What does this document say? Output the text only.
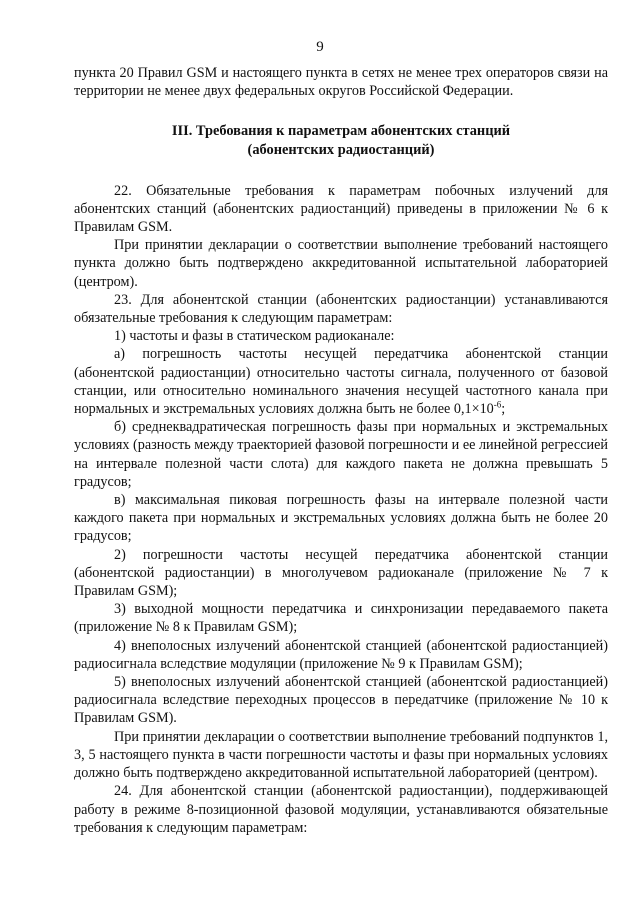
9

пункта 20 Правил GSM и настоящего пункта в сетях не менее трех операторов связи на территории не менее двух федеральных округов Российской Федерации.

III. Требования к параметрам абонентских станций
(абонентских радиостанций)

22. Обязательные требования к параметрам побочных излучений для абонентских станций (абонентских радиостанций) приведены в приложении № 6 к Правилам GSM.

При принятии декларации о соответствии выполнение требований настоящего пункта должно быть подтверждено аккредитованной испытательной лабораторией (центром).

23. Для абонентской станции (абонентских радиостанции) устанавливаются обязательные требования к следующим параметрам:

1) частоты и фазы в статическом радиоканале:

а) погрешность частоты несущей передатчика абонентской станции (абонентской радиостанции) относительно частоты сигнала, полученного от базовой станции, или относительно номинального значения несущей частотного канала при нормальных и экстремальных условиях должна быть не более $0,1\times 10^{-6}$;

б) среднеквадратическая погрешность фазы при нормальных и экстремальных условиях (разность между траекторией фазовой погрешности и ее линейной регрессией на интервале полезной части слота) для каждого пакета не должна превышать 5 градусов;

в) максимальная пиковая погрешность фазы на интервале полезной части каждого пакета при нормальных и экстремальных условиях должна быть не более 20 градусов;

2) погрешности частоты несущей передатчика абонентской станции (абонентской радиостанции) в многолучевом радиоканале (приложение № 7 к Правилам GSM);

3) выходной мощности передатчика и синхронизации передаваемого пакета (приложение № 8 к Правилам GSM);

4) внеполосных излучений абонентской станцией (абонентской радиостанцией) радиосигнала вследствие модуляции (приложение № 9 к Правилам GSM);

5) внеполосных излучений абонентской станцией (абонентской радиостанцией) радиосигнала вследствие переходных процессов в передатчике (приложение № 10 к Правилам GSM).

При принятии декларации о соответствии выполнение требований подпунктов 1, 3, 5 настоящего пункта в части погрешности частоты и фазы при нормальных условиях должно быть подтверждено аккредитованной испытательной лабораторией (центром).

24. Для абонентской станции (абонентской радиостанции), поддерживающей работу в режиме 8-позиционной фазовой модуляции, устанавливаются обязательные требования к следующим параметрам:
